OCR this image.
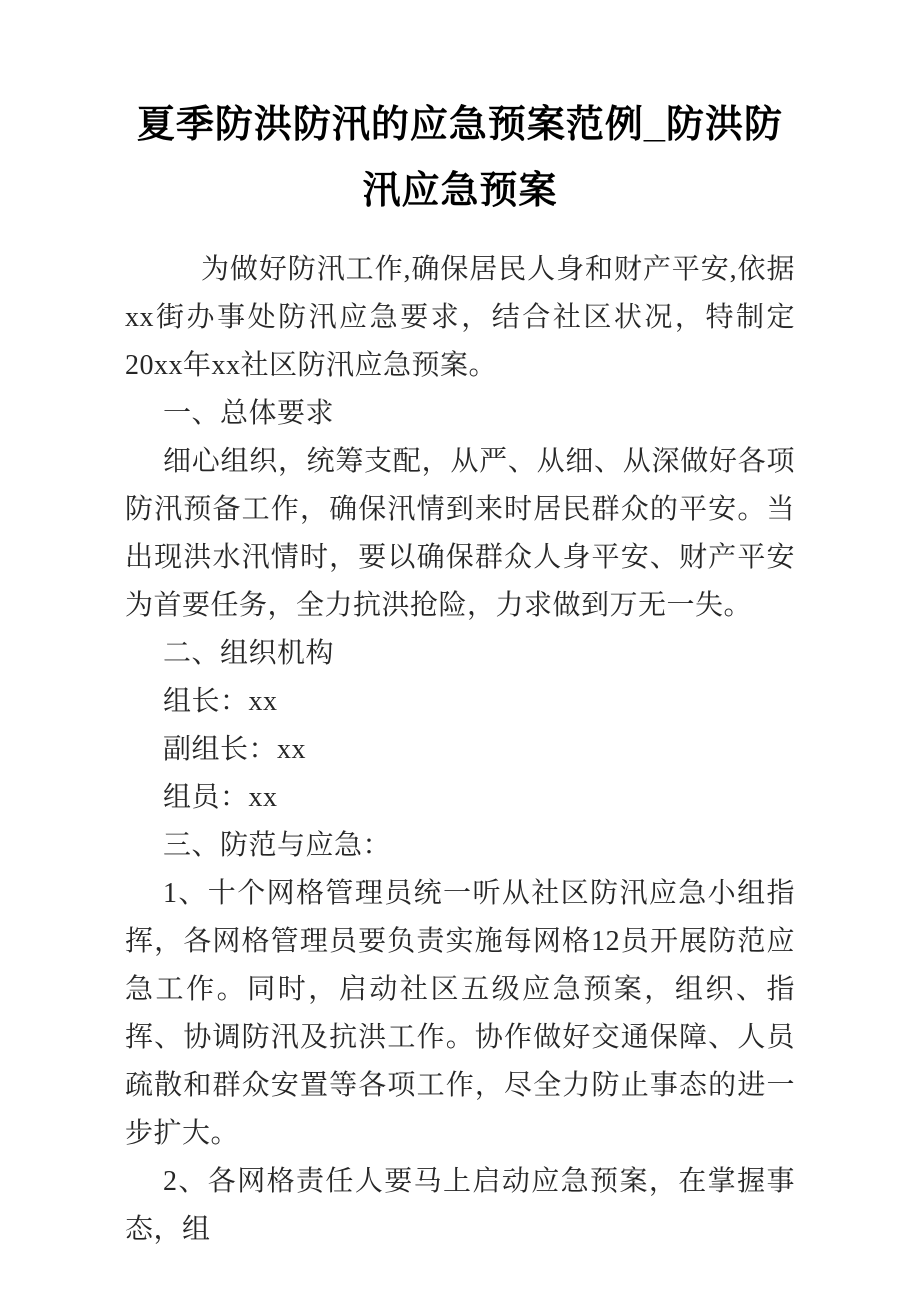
夏季防洪防汛的应急预案范例_防洪防汛应急预案

为做好防汛工作,确保居民人身和财产平安,依据xx街办事处防汛应急要求，结合社区状况，特制定20xx年xx社区防汛应急预案。

一、总体要求

细心组织，统筹支配，从严、从细、从深做好各项防汛预备工作，确保汛情到来时居民群众的平安。当出现洪水汛情时，要以确保群众人身平安、财产平安为首要任务，全力抗洪抢险，力求做到万无一失。

二、组织机构

组长：xx

副组长：xx

组员：xx

三、防范与应急：

1、十个网格管理员统一听从社区防汛应急小组指挥，各网格管理员要负责实施每网格12员开展防范应急工作。同时，启动社区五级应急预案，组织、指挥、协调防汛及抗洪工作。协作做好交通保障、人员疏散和群众安置等各项工作，尽全力防止事态的进一步扩大。

2、各网格责任人要马上启动应急预案，在掌握事态，组
